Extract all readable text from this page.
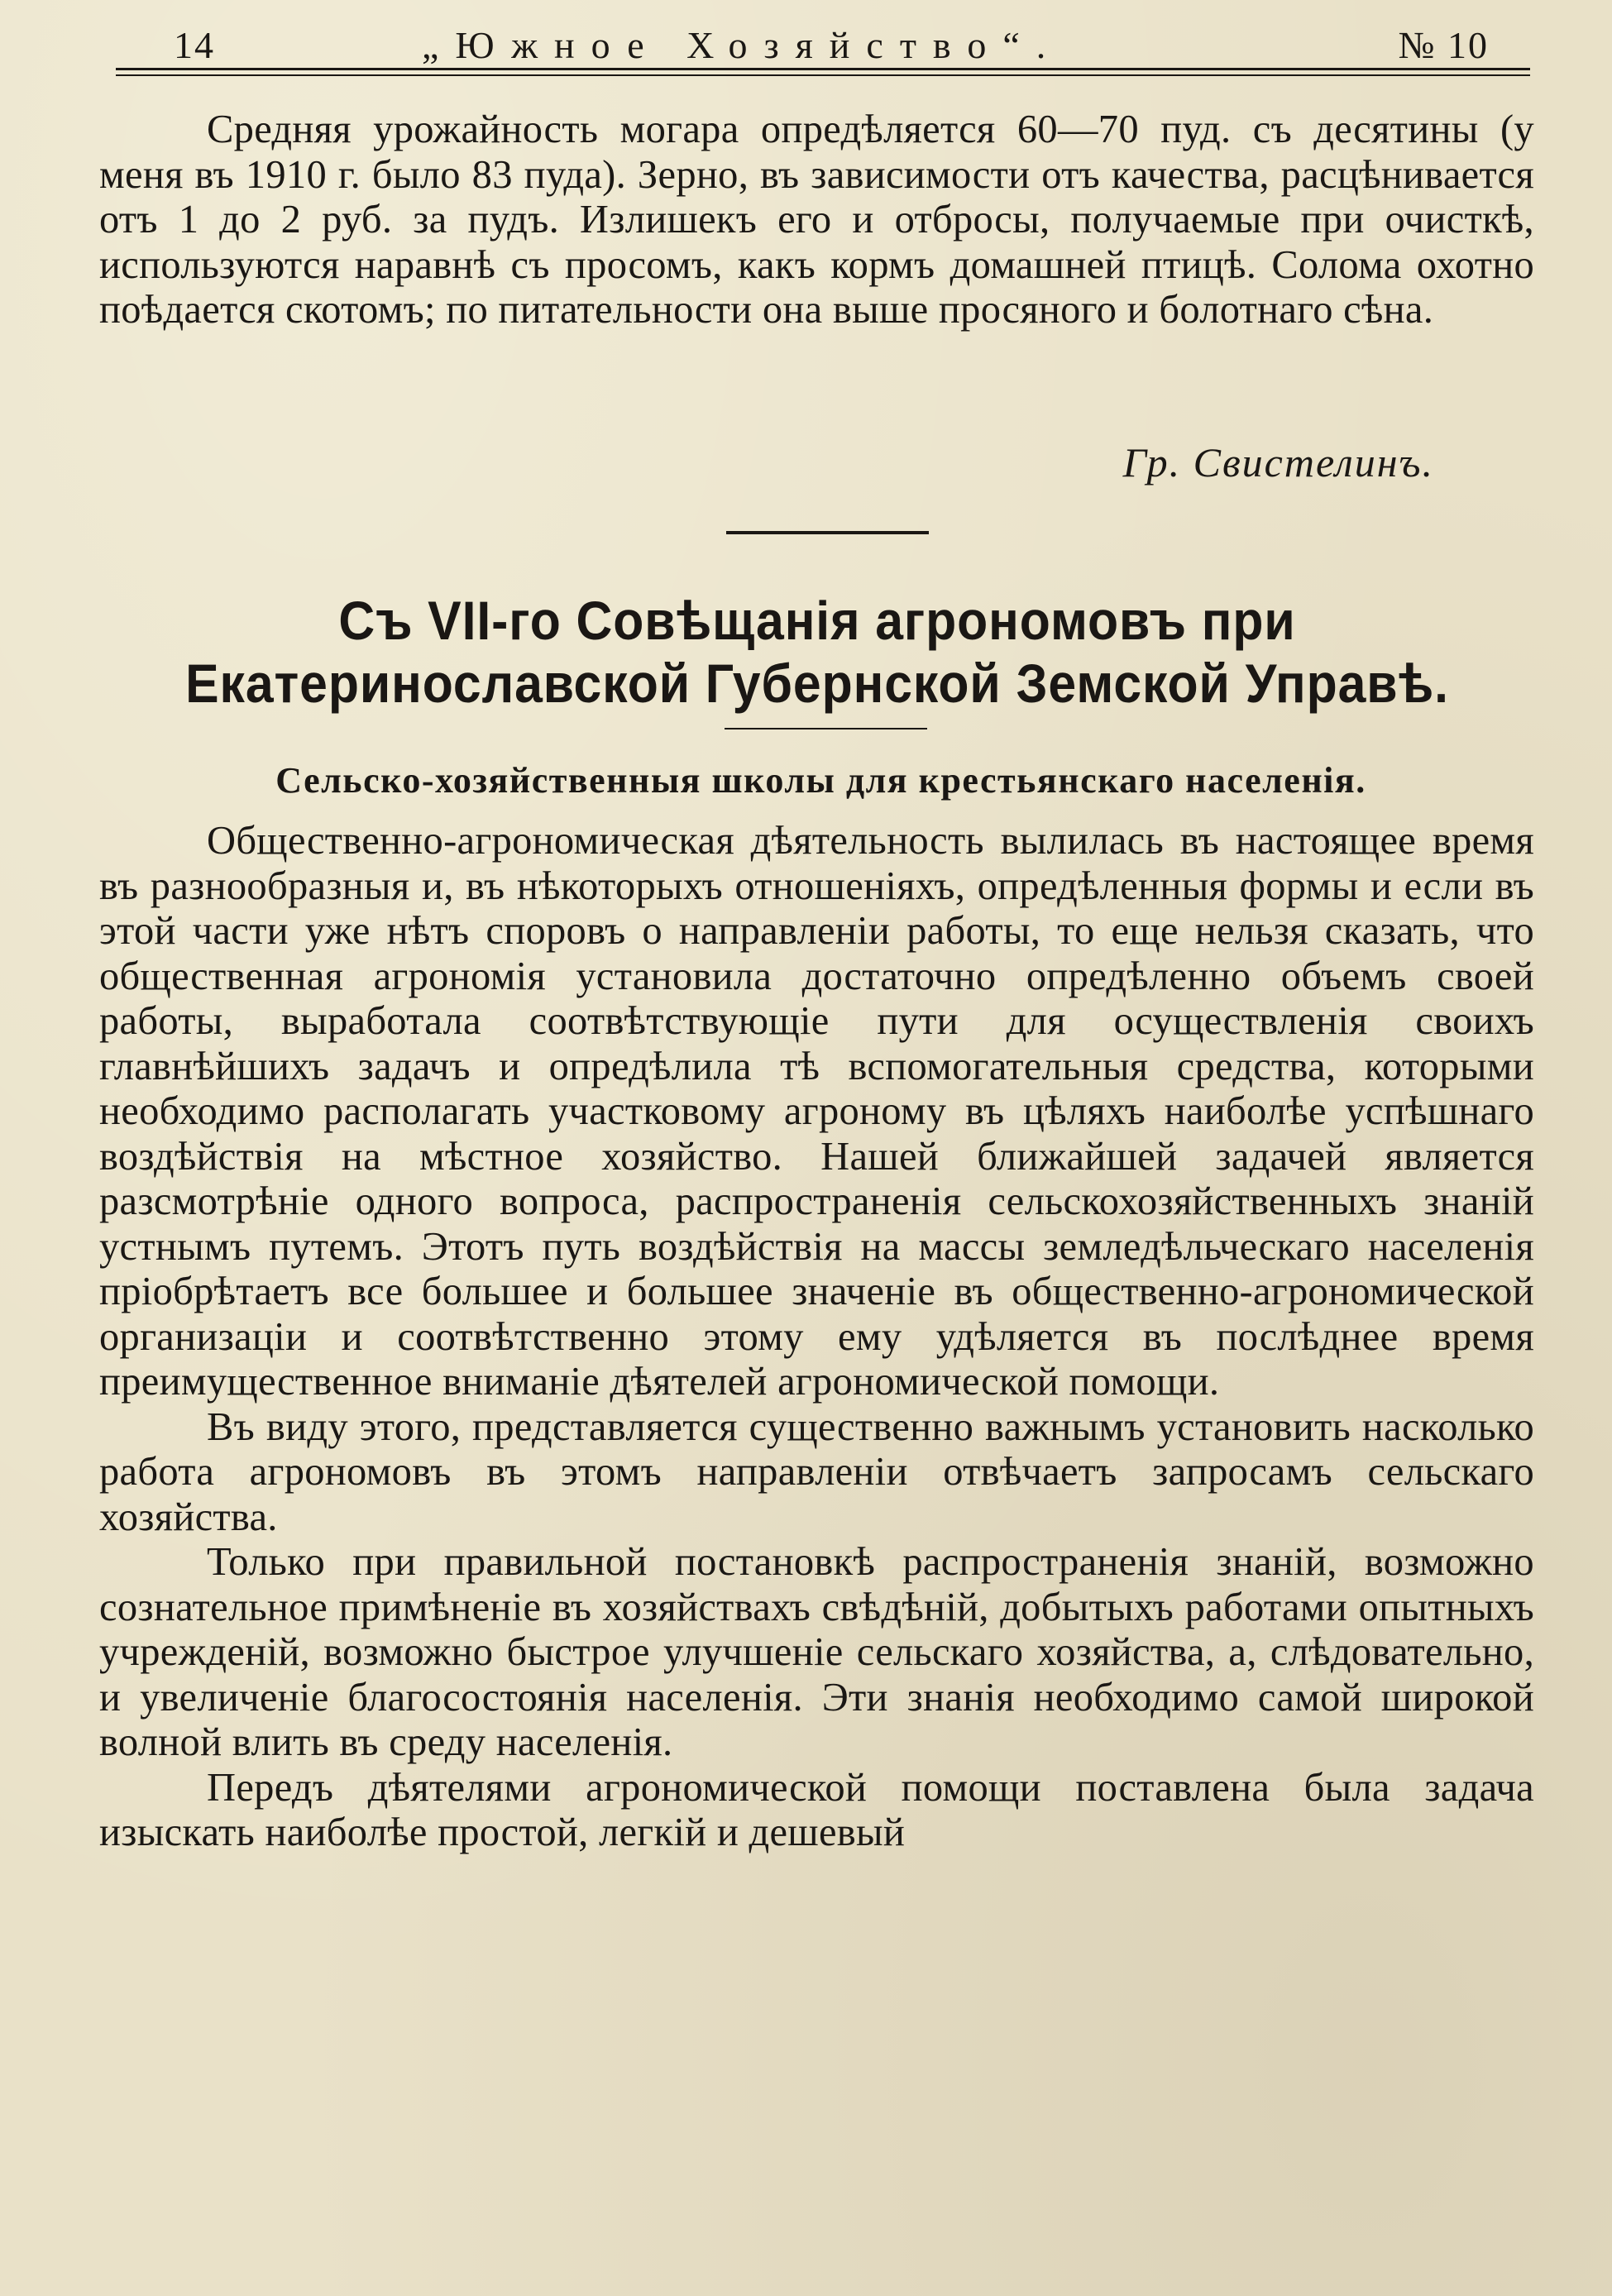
14	„Южное Хозяйство“.	№ 10

Средняя урожайность могара опредѣляется 60—70 пуд. съ десятины (у меня въ 1910 г. было 83 пуда). Зерно, въ зависимости отъ качества, расцѣнивается отъ 1 до 2 руб. за пудъ. Излишекъ его и отбросы, получаемые при очисткѣ, используются наравнѣ съ просомъ, какъ кормъ домашней птицѣ. Солома охотно поѣдается скотомъ; по питательности она выше просяного и болотнаго сѣна.

Гр. Свистелинъ.
Съ VII-го Совѣщанія агрономовъ при Екатеринославской Губернской Земской Управѣ.
Сельско-хозяйственныя школы для крестьянскаго населенія.

Общественно-агрономическая дѣятельность вылилась въ настоящее время въ разнообразныя и, въ нѣкоторыхъ отношеніяхъ, опредѣленныя формы и если въ этой части уже нѣтъ споровъ о направленіи работы, то еще нельзя сказать, что общественная агрономія установила достаточно опредѣленно объемъ своей работы, выработала соотвѣтствующіе пути для осуществленія своихъ главнѣйшихъ задачъ и опредѣлила тѣ вспомогательныя средства, которыми необходимо располагать участковому агроному въ цѣляхъ наиболѣе успѣшнаго воздѣйствія на мѣстное хозяйство. Нашей ближайшей задачей является разсмотрѣніе одного вопроса, распространенія сельскохозяйственныхъ знаній устнымъ путемъ. Этотъ путь воздѣйствія на массы земледѣльческаго населенія пріобрѣтаетъ все большее и большее значеніе въ общественно-агрономической организаціи и соотвѣтственно этому ему удѣляется въ послѣднее время преимущественное вниманіе дѣятелей агрономической помощи.

Въ виду этого, представляется существенно важнымъ установить насколько работа агрономовъ въ этомъ направленіи отвѣчаетъ запросамъ сельскаго хозяйства.

Только при правильной постановкѣ распространенія знаній, возможно сознательное примѣненіе въ хозяйствахъ свѣдѣній, добытыхъ работами опытныхъ учрежденій, возможно быстрое улучшеніе сельскаго хозяйства, а, слѣдовательно, и увеличеніе благосостоянія населенія. Эти знанія необходимо самой широкой волной влить въ среду населенія.

Передъ дѣятелями агрономической помощи поставлена была задача изыскать наиболѣе простой, легкій и дешевый
